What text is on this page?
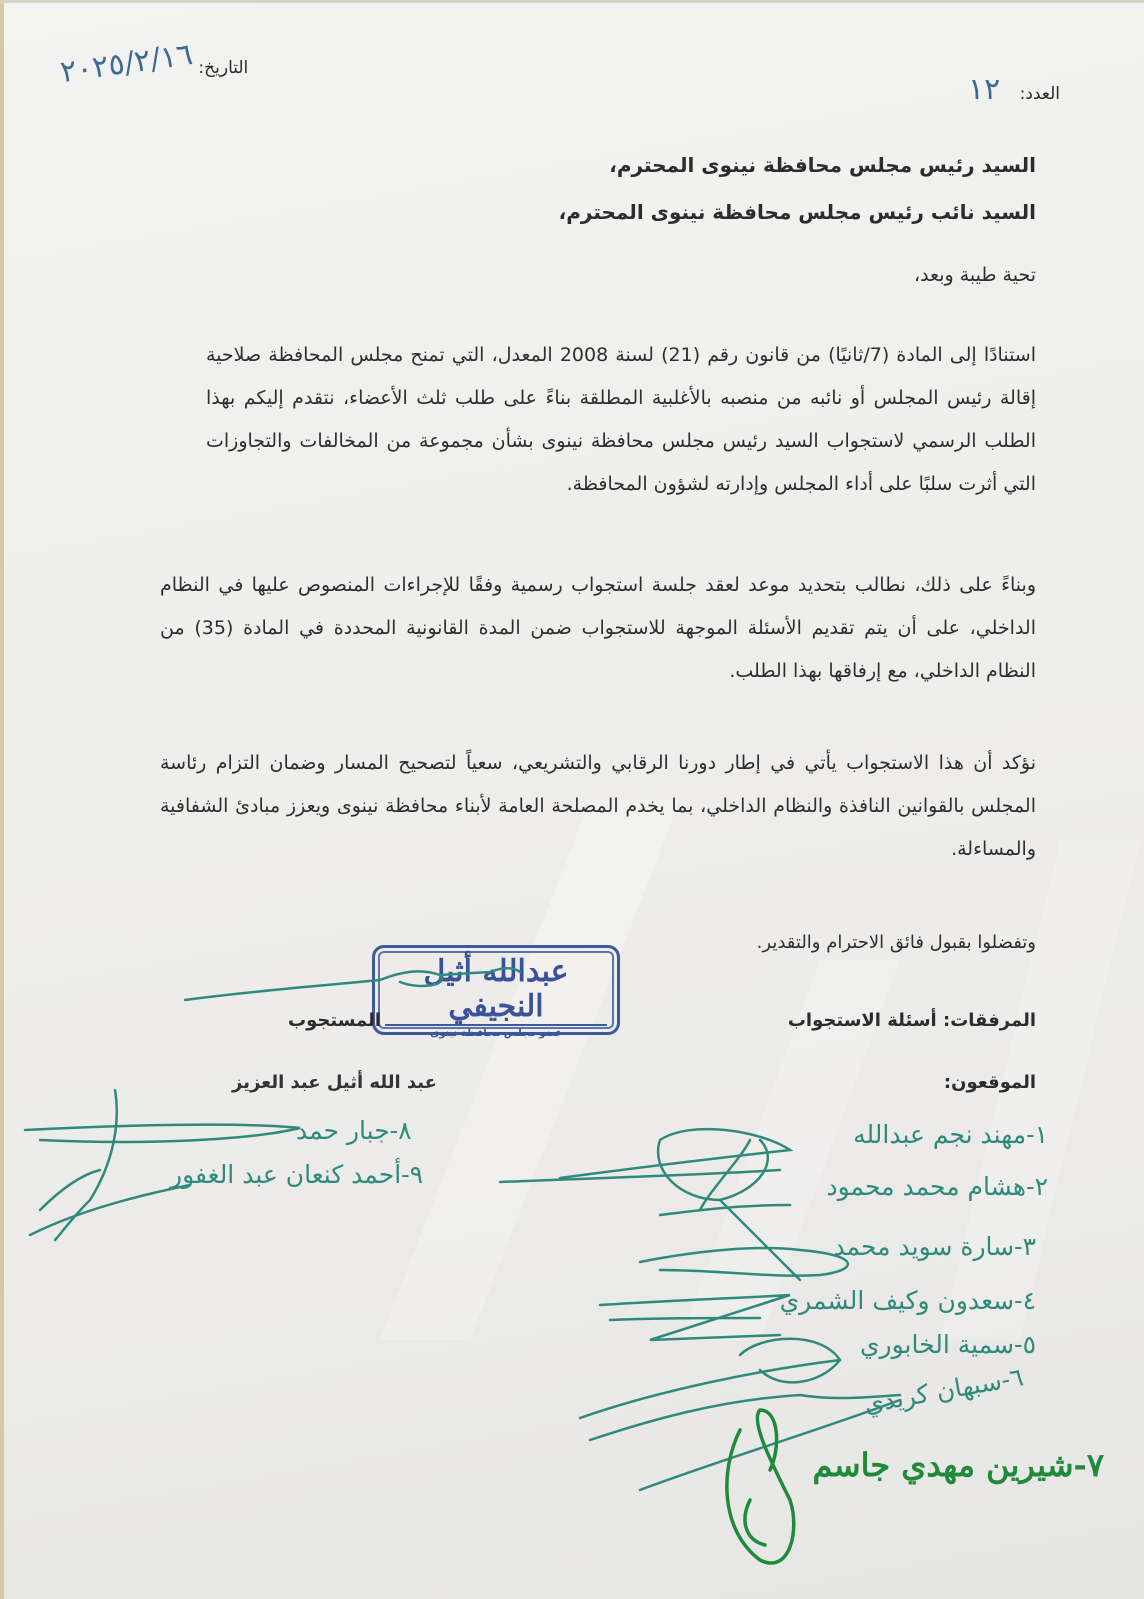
العدد: ١٢
التاريخ: ٢٠٢٥/٢/١٦
السيد رئيس مجلس محافظة نينوى المحترم،
السيد نائب رئيس مجلس محافظة نينوى المحترم،
تحية طيبة وبعد،
استنادًا إلى المادة (7/ثانيًا) من قانون رقم (21) لسنة 2008 المعدل، التي تمنح مجلس المحافظة صلاحية إقالة رئيس المجلس أو نائبه من منصبه بالأغلبية المطلقة بناءً على طلب ثلث الأعضاء، نتقدم إليكم بهذا الطلب الرسمي لاستجواب السيد رئيس مجلس محافظة نينوى بشأن مجموعة من المخالفات والتجاوزات التي أثرت سلبًا على أداء المجلس وإدارته لشؤون المحافظة.
وبناءً على ذلك، نطالب بتحديد موعد لعقد جلسة استجواب رسمية وفقًا للإجراءات المنصوص عليها في النظام الداخلي، على أن يتم تقديم الأسئلة الموجهة للاستجواب ضمن المدة القانونية المحددة في المادة (35) من النظام الداخلي، مع إرفاقها بهذا الطلب.
نؤكد أن هذا الاستجواب يأتي في إطار دورنا الرقابي والتشريعي، سعياً لتصحيح المسار وضمان التزام رئاسة المجلس بالقوانين النافذة والنظام الداخلي، بما يخدم المصلحة العامة لأبناء محافظة نينوى ويعزز مبادئ الشفافية والمساءلة.
وتفضلوا بقبول فائق الاحترام والتقدير.
المرفقات: أسئلة الاستجواب
عبدالله أثيل النجيفي
عضو مجلس محافظة نينوى
المستجوب
الموقعون:
عبد الله أثيل عبد العزيز
١-مهند نجم عبدالله
٢-هشام محمد محمود
٣-سارة سويد محمد
٤-سعدون وكيف الشمري
٥-سمية الخابوري
٦-سبهان كريدي
٧-شيرين مهدي جاسم
٨-جبار حمد
٩-أحمد كنعان عبد الغفور
